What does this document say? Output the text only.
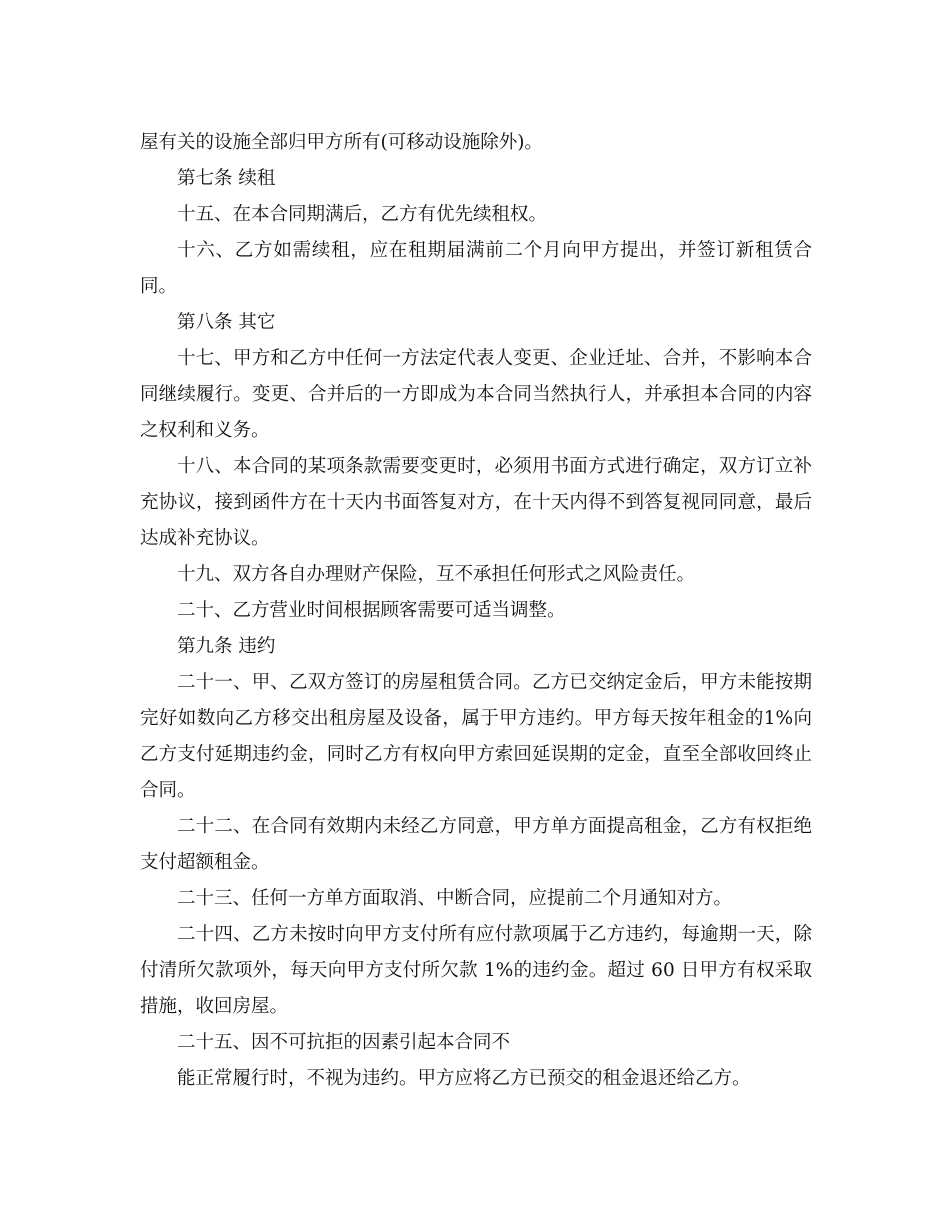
屋有关的设施全部归甲方所有(可移动设施除外)。

第七条 续租

十五、在本合同期满后，乙方有优先续租权。

十六、乙方如需续租，应在租期届满前二个月向甲方提出，并签订新租赁合同。

第八条 其它

十七、甲方和乙方中任何一方法定代表人变更、企业迁址、合并，不影响本合同继续履行。变更、合并后的一方即成为本合同当然执行人，并承担本合同的内容之权利和义务。

十八、本合同的某项条款需要变更时，必须用书面方式进行确定，双方订立补充协议，接到函件方在十天内书面答复对方，在十天内得不到答复视同同意，最后达成补充协议。

十九、双方各自办理财产保险，互不承担任何形式之风险责任。

二十、乙方营业时间根据顾客需要可适当调整。

第九条 违约

二十一、甲、乙双方签订的房屋租赁合同。乙方已交纳定金后，甲方未能按期完好如数向乙方移交出租房屋及设备，属于甲方违约。甲方每天按年租金的1%向乙方支付延期违约金，同时乙方有权向甲方索回延误期的定金，直至全部收回终止合同。

二十二、在合同有效期内未经乙方同意，甲方单方面提高租金，乙方有权拒绝支付超额租金。

二十三、任何一方单方面取消、中断合同，应提前二个月通知对方。

二十四、乙方未按时向甲方支付所有应付款项属于乙方违约，每逾期一天，除付清所欠款项外，每天向甲方支付所欠款 1%的违约金。超过 60 日甲方有权采取措施，收回房屋。

二十五、因不可抗拒的因素引起本合同不

能正常履行时，不视为违约。甲方应将乙方已预交的租金退还给乙方。
